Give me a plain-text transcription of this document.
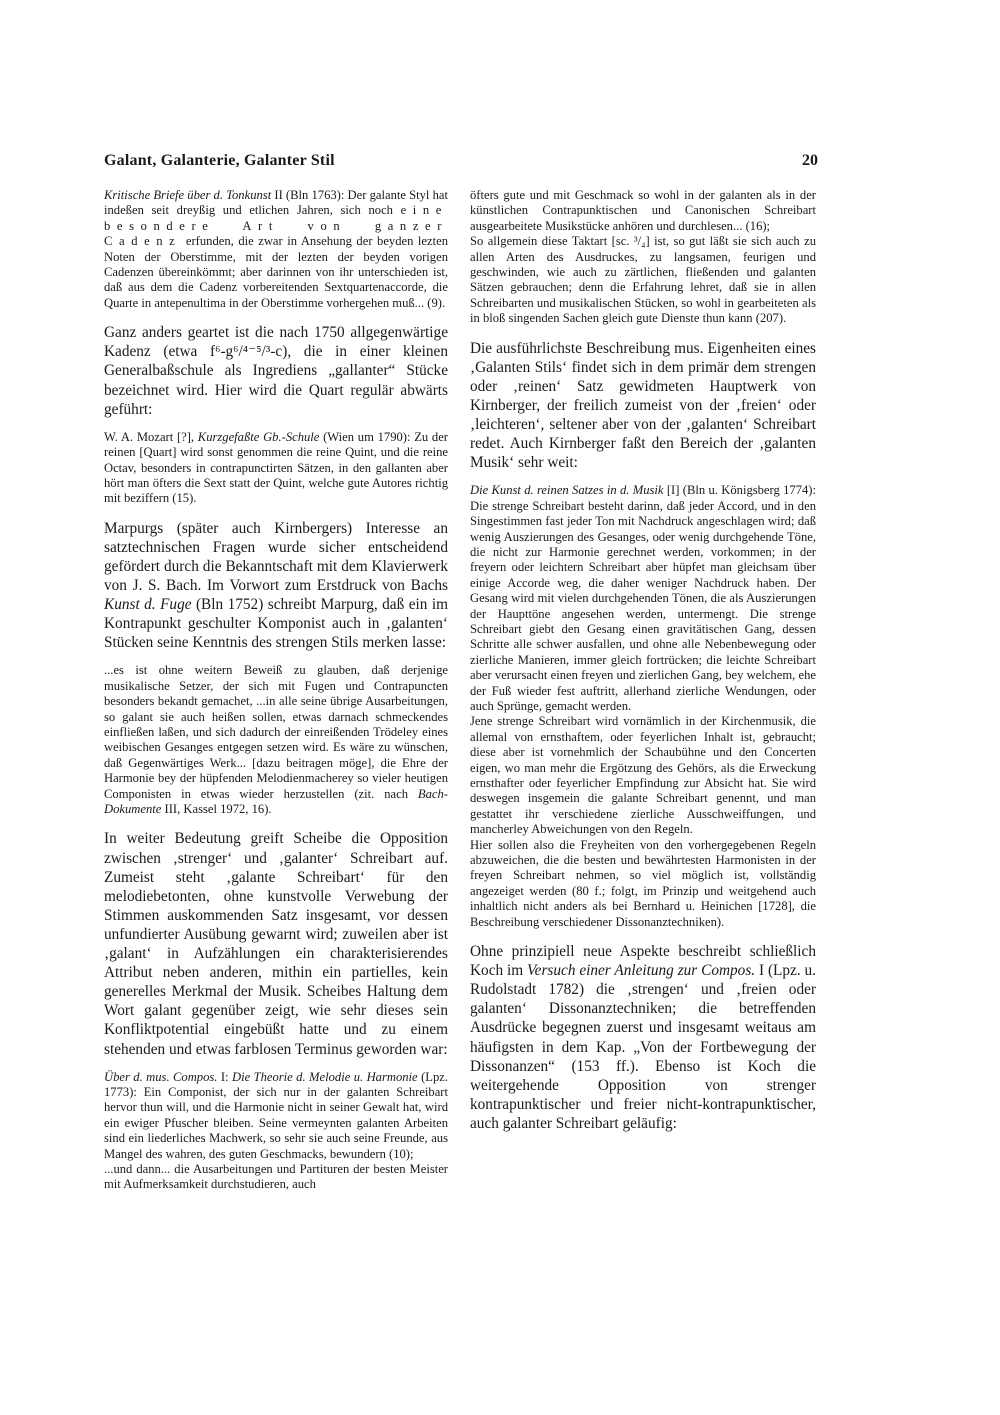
Galant, Galanterie, Galanter Stil	20

Kritische Briefe über d. Tonkunst II (Bln 1763): Der galante Styl hat indeßen seit dreyßig und etlichen Jahren, sich noch eine besondere Art von ganzer Cadenz erfunden, die zwar in Ansehung der beyden lezten Noten der Oberstimme, mit der lezten der beyden vorigen Cadenzen übereinkömmt; aber darinnen von ihr unterschieden ist, daß aus dem die Cadenz vorbereitenden Sextquartenaccorde, die Quarte in antepenultima in der Oberstimme vorhergehen muß... (9).

Ganz anders geartet ist die nach 1750 allgegenwärtige Kadenz (etwa f⁶-g⁶/⁴⁻⁵/³-c), die in einer kleinen Generalbaßschule als Ingrediens „gallanter“ Stücke bezeichnet wird. Hier wird die Quart regulär abwärts geführt:

W. A. Mozart [?], Kurzgefaßte Gb.-Schule (Wien um 1790): Zu der reinen [Quart] wird sonst genommen die reine Quint, und die reine Octav, besonders in contrapunctirten Sätzen, in den gallanten aber hört man öfters die Sext statt der Quint, welche gute Autores richtig mit beziffern (15).

Marpurgs (später auch Kirnbergers) Interesse an satztechnischen Fragen wurde sicher entscheidend gefördert durch die Bekanntschaft mit dem Klavierwerk von J. S. Bach. Im Vorwort zum Erstdruck von Bachs Kunst d. Fuge (Bln 1752) schreibt Marpurg, daß ein im Kontrapunkt geschulter Komponist auch in ‚galanten‘ Stücken seine Kenntnis des strengen Stils merken lasse:

...es ist ohne weitern Beweiß zu glauben, daß derjenige musikalische Setzer, der sich mit Fugen und Contrapuncten besonders bekandt gemachet, ...in alle seine übrige Ausarbeitungen, so galant sie auch heißen sollen, etwas darnach schmeckendes einfließen laßen, und sich dadurch der einreißenden Trödeley eines weibischen Gesanges entgegen setzen wird. Es wäre zu wünschen, daß Gegenwärtiges Werk... [dazu beitragen möge], die Ehre der Harmonie bey der hüpfenden Melodienmacherey so vieler heutigen Componisten in etwas wieder herzustellen (zit. nach Bach-Dokumente III, Kassel 1972, 16).

In weiter Bedeutung greift Scheibe die Opposition zwischen ‚strenger‘ und ‚galanter‘ Schreibart auf. Zumeist steht ‚galante Schreibart‘ für den melodiebetonten, ohne kunstvolle Verwebung der Stimmen auskommenden Satz insgesamt, vor dessen unfundierter Ausübung gewarnt wird; zuweilen aber ist ‚galant‘ in Aufzählungen ein charakterisierendes Attribut neben anderen, mithin ein partielles, kein generelles Merkmal der Musik. Scheibes Haltung dem Wort galant gegenüber zeigt, wie sehr dieses sein Konfliktpotential eingebüßt hatte und zu einem stehenden und etwas farblosen Terminus geworden war:

Über d. mus. Compos. I: Die Theorie d. Melodie u. Harmonie (Lpz. 1773): Ein Componist, der sich nur in der galanten Schreibart hervor thun will, und die Harmonie nicht in seiner Gewalt hat, wird ein ewiger Pfuscher bleiben. Seine vermeynten galanten Arbeiten sind ein liederliches Machwerk, so sehr sie auch seine Freunde, aus Mangel des wahren, des guten Geschmacks, bewundern (10);

...und dann... die Ausarbeitungen und Partituren der besten Meister mit Aufmerksamkeit durchstudieren, auch

öfters gute und mit Geschmack so wohl in der galanten als in der künstlichen Contrapunktischen und Canonischen Schreibart ausgearbeitete Musikstücke anhören und durchlesen... (16);

So allgemein diese Taktart [sc. ³/₄] ist, so gut läßt sie sich auch zu allen Arten des Ausdruckes, zu langsamen, feurigen und geschwinden, wie auch zu zärtlichen, fließenden und galanten Sätzen gebrauchen; denn die Erfahrung lehret, daß sie in allen Schreibarten und musikalischen Stücken, so wohl in gearbeiteten als in bloß singenden Sachen gleich gute Dienste thun kann (207).

Die ausführlichste Beschreibung mus. Eigenheiten eines ‚Galanten Stils‘ findet sich in dem primär dem strengen oder ‚reinen‘ Satz gewidmeten Hauptwerk von Kirnberger, der freilich zumeist von der ‚freien‘ oder ‚leichteren‘, seltener aber von der ‚galanten‘ Schreibart redet. Auch Kirnberger faßt den Bereich der ‚galanten Musik‘ sehr weit:

Die Kunst d. reinen Satzes in d. Musik [I] (Bln u. Königsberg 1774): Die strenge Schreibart besteht darinn, daß jeder Accord, und in den Singestimmen fast jeder Ton mit Nachdruck angeschlagen wird; daß wenig Auszierungen des Gesanges, oder wenig durchgehende Töne, die nicht zur Harmonie gerechnet werden, vorkommen; in der freyern oder leichtern Schreibart aber hüpfet man gleichsam über einige Accorde weg, die daher weniger Nachdruck haben. Der Gesang wird mit vielen durchgehenden Tönen, die als Auszierungen der Haupttöne angesehen werden, untermengt. Die strenge Schreibart giebt den Gesang einen gravitätischen Gang, dessen Schritte alle schwer ausfallen, und ohne alle Nebenbewegung oder zierliche Manieren, immer gleich fortrücken; die leichte Schreibart aber verursacht einen freyen und zierlichen Gang, bey welchem, ehe der Fuß wieder fest auftritt, allerhand zierliche Wendungen, oder auch Sprünge, gemacht werden.

Jene strenge Schreibart wird vornämlich in der Kirchenmusik, die allemal von ernsthaftem, oder feyerlichen Inhalt ist, gebraucht; diese aber ist vornehmlich der Schaubühne und den Concerten eigen, wo man mehr die Ergötzung des Gehörs, als die Erweckung ernsthafter oder feyerlicher Empfindung zur Absicht hat. Sie wird deswegen insgemein die galante Schreibart genennt, und man gestattet ihr verschiedene zierliche Ausschweiffungen, und mancherley Abweichungen von den Regeln.

Hier sollen also die Freyheiten von den vorhergegebenen Regeln abzuweichen, die die besten und bewährtesten Harmonisten in der freyen Schreibart nehmen, so viel möglich ist, vollständig angezeiget werden (80 f.; folgt, im Prinzip und weitgehend auch inhaltlich nicht anders als bei Bernhard u. Heinichen [1728], die Beschreibung verschiedener Dissonanztechniken).

Ohne prinzipiell neue Aspekte beschreibt schließlich Koch im Versuch einer Anleitung zur Compos. I (Lpz. u. Rudolstadt 1782) die ‚strengen‘ und ‚freien oder galanten‘ Dissonanztechniken; die betreffenden Ausdrücke begegnen zuerst und insgesamt weitaus am häufigsten in dem Kap. „Von der Fortbewegung der Dissonanzen“ (153 ff.). Ebenso ist Koch die weitergehende Opposition von strenger kontrapunktischer und freier nicht-kontrapunktischer, auch galanter Schreibart geläufig:
